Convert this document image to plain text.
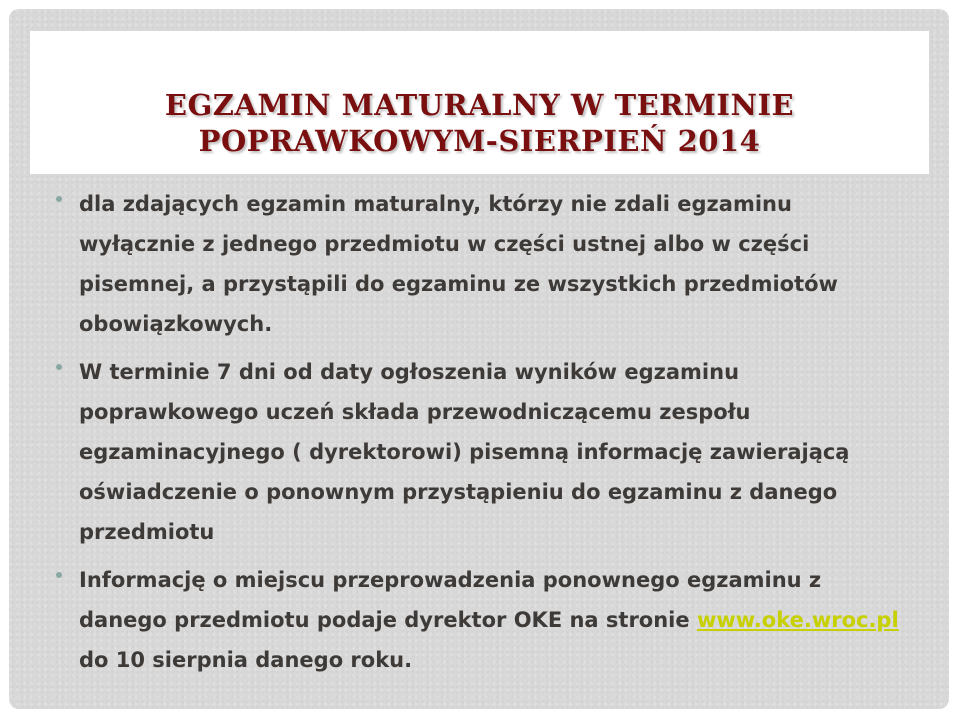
EGZAMIN MATURALNY W TERMINIE POPRAWKOWYM-SIERPIEŃ 2014
dla zdających egzamin maturalny, którzy nie zdali egzaminu wyłącznie z jednego przedmiotu w części ustnej albo w części pisemnej, a przystąpili do egzaminu ze wszystkich przedmiotów obowiązkowych.
W terminie 7 dni od daty ogłoszenia wyników egzaminu poprawkowego uczeń składa przewodniczącemu zespołu egzaminacyjnego ( dyrektorowi) pisemną informację zawierającą oświadczenie o ponownym przystąpieniu do egzaminu z danego przedmiotu
Informację o miejscu przeprowadzenia ponownego egzaminu z danego przedmiotu podaje dyrektor OKE na stronie www.oke.wroc.pl do 10 sierpnia danego roku.
